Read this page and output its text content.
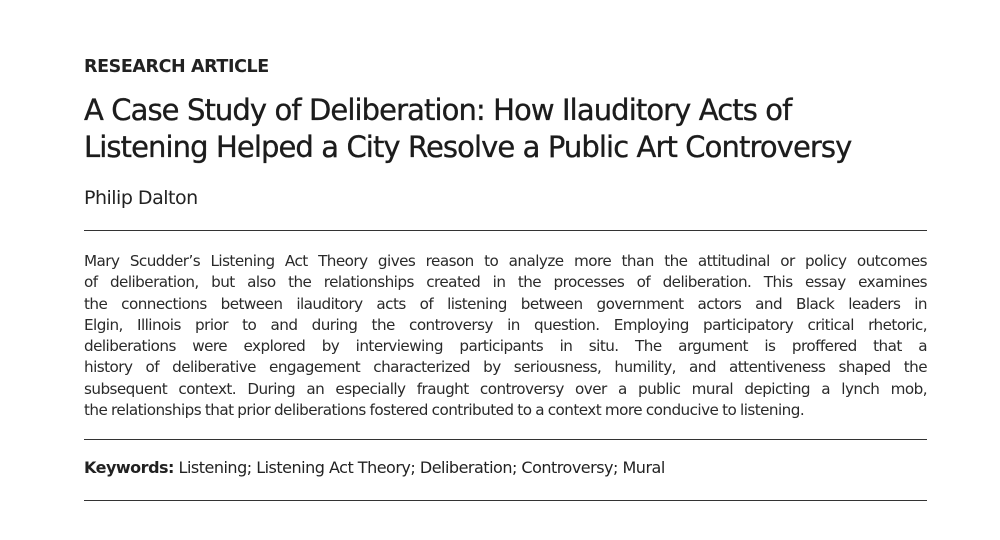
RESEARCH ARTICLE
A Case Study of Deliberation: How Ilauditory Acts of
Listening Helped a City Resolve a Public Art Controversy
Philip Dalton

Mary Scudder’s Listening Act Theory gives reason to analyze more than the attitudinal or policy outcomes
of deliberation, but also the relationships created in the processes of deliberation. This essay examines
the connections between ilauditory acts of listening between government actors and Black leaders in
Elgin, Illinois prior to and during the controversy in question. Employing participatory critical rhetoric,
deliberations were explored by interviewing participants in situ. The argument is proffered that a
history of deliberative engagement characterized by seriousness, humility, and attentiveness shaped the
subsequent context. During an especially fraught controversy over a public mural depicting a lynch mob,
the relationships that prior deliberations fostered contributed to a context more conducive to listening.

Keywords: Listening; Listening Act Theory; Deliberation; Controversy; Mural
